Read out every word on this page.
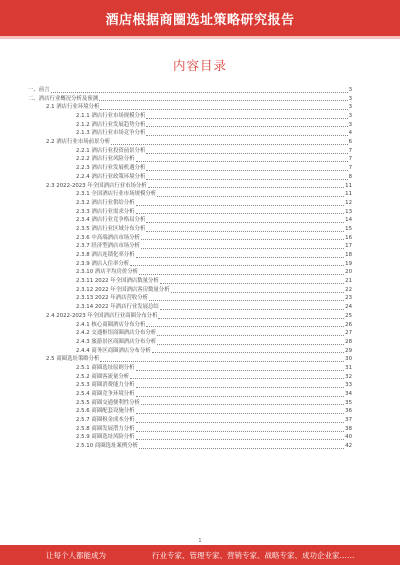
酒店根据商圈选址策略研究报告
内容目录
一、前言	3
二、酒店行业概况分析及预测	3
2.1 酒店行业环境分析	3
2.1.1 酒店行业市场规模分析	3
2.1.2 酒店行业发展趋势分析	3
2.1.3 酒店行业市场竞争分析	4
2.2 酒店行业市场前景分析	6
2.2.1 酒店行业投资前景分析	7
2.2.2 酒店行业风险分析	7
2.2.3 酒店行业发展机遇分析	7
2.2.4 酒店行业政策环境分析	8
2.3 2022-2023 年全国酒店行业市场分析	11
2.3.1 全国酒店行业市场规模分析	11
2.3.2 酒店行业供给分析	12
2.3.3 酒店行业需求分析	13
2.3.4 酒店行业竞争格局分析	14
2.3.5 酒店行业区域分布分析	15
2.3.6 中高端酒店市场分析	16
2.3.7 经济型酒店市场分析	17
2.3.8 酒店连锁化率分析	18
2.3.9 酒店入住率分析	19
2.3.10 酒店平均房价分析	20
2.3.11 2022 年全国酒店数量分析	21
2.3.12 2022 年全国酒店客房数量分析	22
2.3.13 2022 年酒店营收分析	23
2.3.14 2022 年酒店行业发展总结	24
2.4 2022-2023 年全国酒店行业商圈分布分析	25
2.4.1 核心商圈酒店分布分析	26
2.4.2 交通枢纽商圈酒店分布分析	27
2.4.3 旅游景区商圈酒店分布分析	28
2.4.4 商务区商圈酒店分布分析	29
2.5 商圈选址策略分析	30
2.5.1 商圈选址原则分析	31
2.5.2 商圈客流量分析	32
2.5.3 商圈消费能力分析	33
2.5.4 商圈竞争环境分析	34
2.5.5 商圈交通便利性分析	35
2.5.6 商圈配套设施分析	36
2.5.7 商圈租金成本分析	37
2.5.8 商圈发展潜力分析	38
2.5.9 商圈选址风险分析	40
2.5.10 商圈选址案例分析	42
1
让每个人都能成为	行业专家、管理专家、营销专家、战略专家、成功企业家……
